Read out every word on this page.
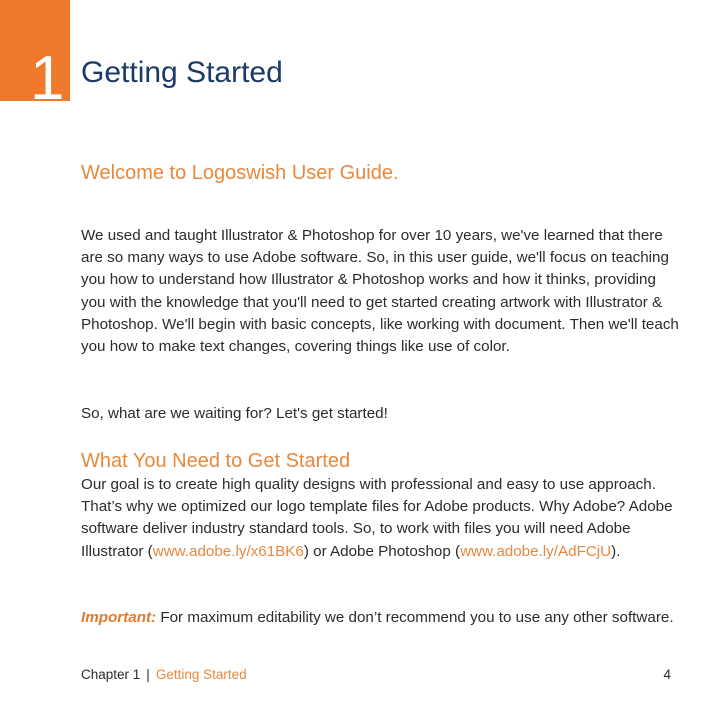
1 Getting Started
Welcome to Logoswish User Guide.

We used and taught Illustrator & Photoshop for over 10 years, we've learned that there are so many ways to use Adobe software. So, in this user guide, we'll focus on teaching you how to understand how Illustrator & Photoshop works and how it thinks, providing you with the knowledge that you'll need to get started creating artwork with Illustrator & Photoshop. We'll begin with basic concepts, like working with document. Then we'll teach you how to make text changes, covering things like use of color.

So, what are we waiting for? Let's get started!

What You Need to Get Started

Our goal is to create high quality designs with professional and easy to use approach. That’s why we optimized our logo template files for Adobe products. Why Adobe? Adobe software deliver industry standard tools. So, to work with files you will need Adobe Illustrator (www.adobe.ly/x61BK6) or Adobe Photoshop (www.adobe.ly/AdFCjU).

Important: For maximum editability we don’t recommend you to use any other software.

Chapter 1 | Getting Started	4
